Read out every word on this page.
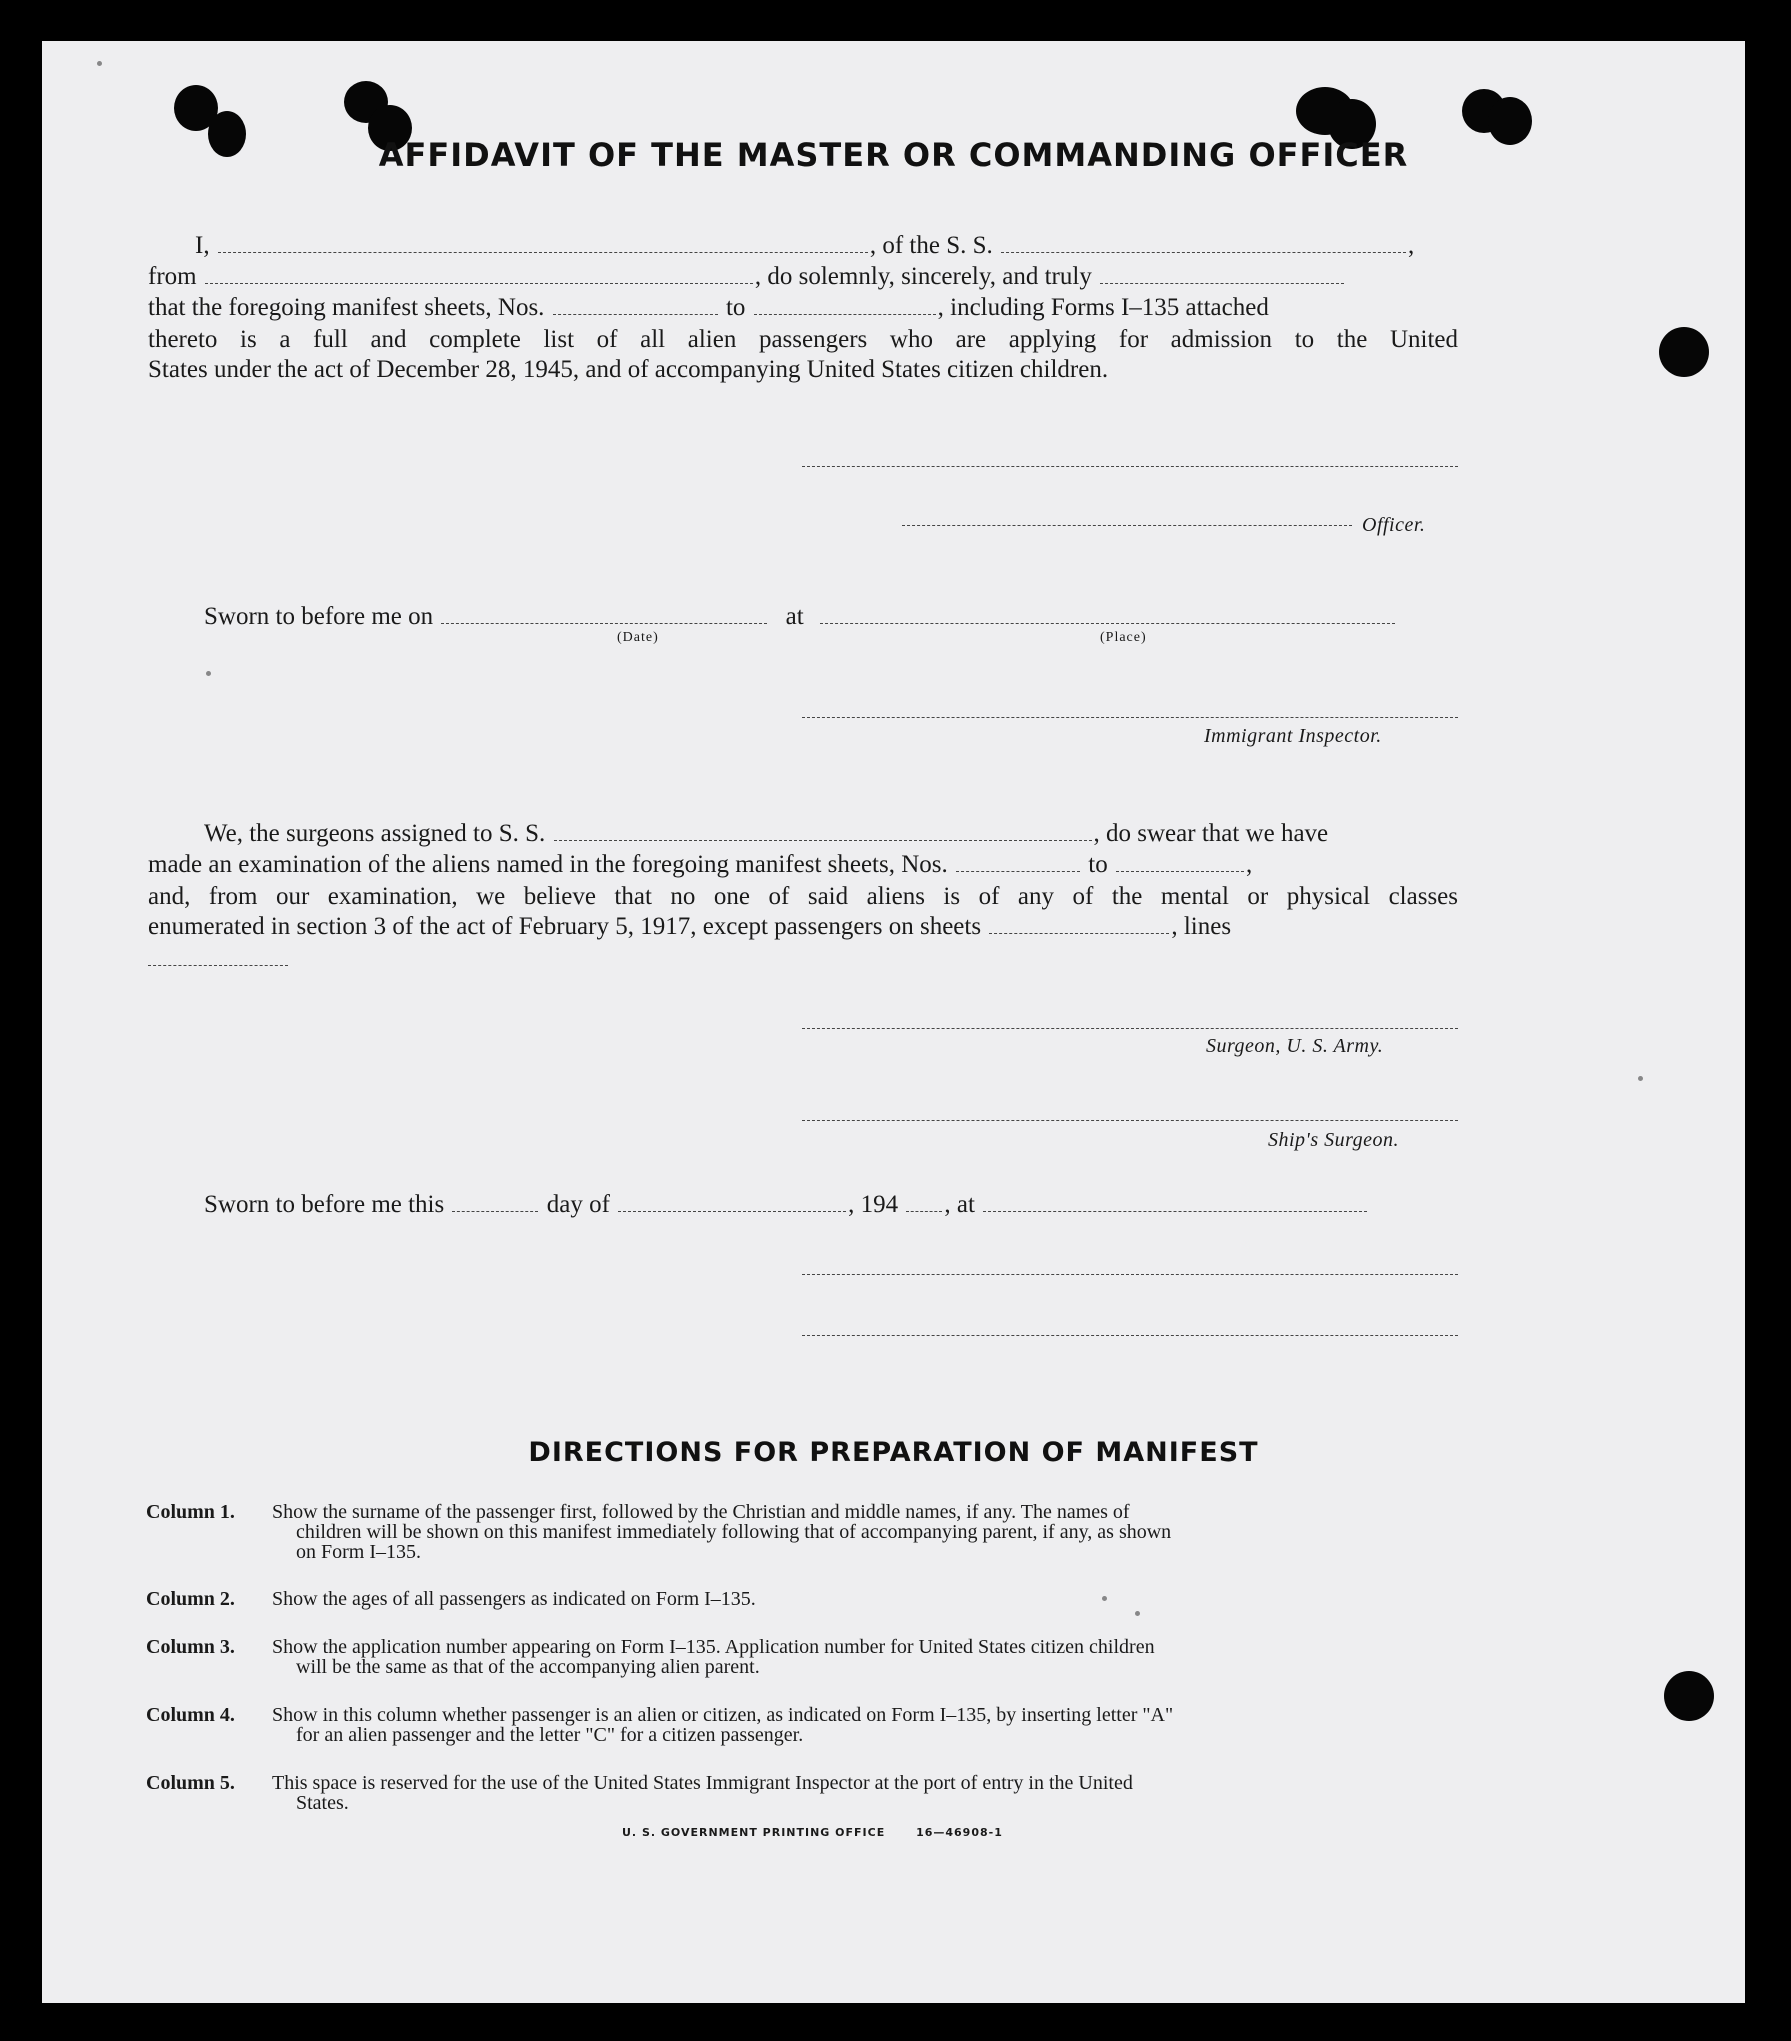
AFFIDAVIT OF THE MASTER OR COMMANDING OFFICER
I,	, of the S. S.	,
from	, do solemnly, sincerely, and truly
that the foregoing manifest sheets, Nos.	to	, including Forms I–135 attached
thereto is a full and complete list of all alien passengers who are applying for admission to the United
States under the act of December 28, 1945, and of accompanying United States citizen children.
Officer.
Sworn to before me on	at
(Date)	(Place)
Immigrant Inspector.
We, the surgeons assigned to S. S.	, do swear that we have
made an examination of the aliens named in the foregoing manifest sheets, Nos.	to	,
and, from our examination, we believe that no one of said aliens is of any of the mental or physical classes
enumerated in section 3 of the act of February 5, 1917, except passengers on sheets	, lines
Surgeon, U. S. Army.
Ship's Surgeon.
Sworn to before me this	day of	, 194 , at
DIRECTIONS FOR PREPARATION OF MANIFEST
Column 1. Show the surname of the passenger first, followed by the Christian and middle names, if any. The names of
children will be shown on this manifest immediately following that of accompanying parent, if any, as shown
on Form I–135.
Column 2. Show the ages of all passengers as indicated on Form I–135.
Column 3. Show the application number appearing on Form I–135. Application number for United States citizen children
will be the same as that of the accompanying alien parent.
Column 4. Show in this column whether passenger is an alien or citizen, as indicated on Form I–135, by inserting letter "A"
for an alien passenger and the letter "C" for a citizen passenger.
Column 5. This space is reserved for the use of the United States Immigrant Inspector at the port of entry in the United
States.
U. S. GOVERNMENT PRINTING OFFICE	16—46908-1
